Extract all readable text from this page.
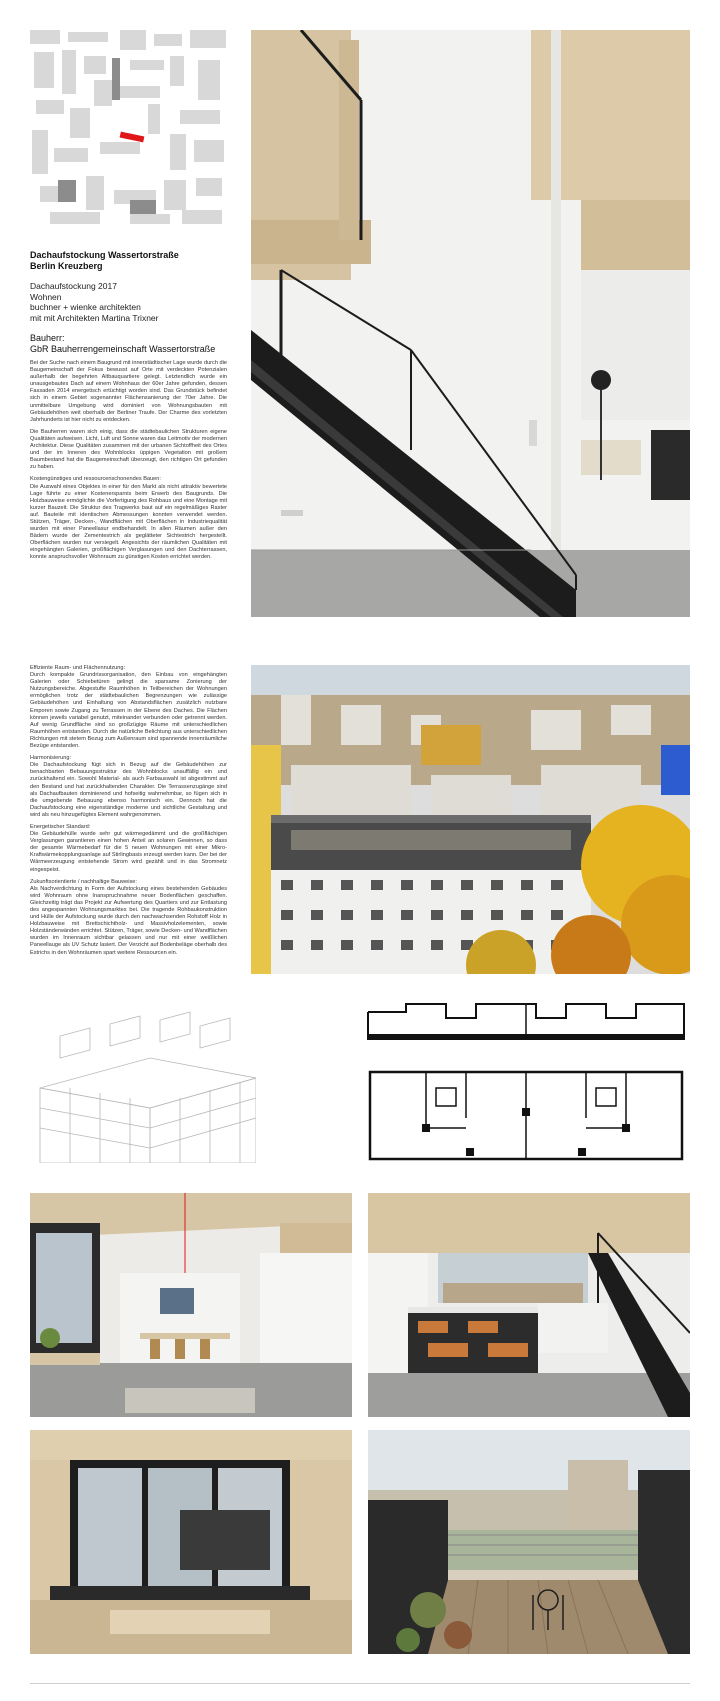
Dachaufstockung Wassertorstraße
Berlin Kreuzberg
Dachaufstockung 2017
Wohnen
buchner + wienke architekten
mit mit Architekten Martina Trixner
Bauherr:
GbR Bauherrengemeinschaft Wassertorstraße

Bei der Suche nach einem Baugrund mit innerstädtischer Lage wurde durch die Baugemeinschaft der Fokus bewusst auf Orte mit verdeckten Potenzialen außerhalb der begehrten Altbauquartiere gelegt. Letztendlich wurde ein unausgebautes Dach auf einem Wohnhaus der 60er Jahre gefunden, dessen Fassaden 2014 energetisch ertüchtigt worden sind. Das Grundstück befindet sich in einem Gebiet sogenannter Flächensanierung der 70er Jahre. Die unmittelbare Umgebung wird dominiert von Wohnungsbauten mit Gebäudehöhen weit oberhalb der Berliner Traufe. Der Charme des vorletzten Jahrhunderts ist hier nicht zu entdecken.

Die Bauherren waren sich einig, dass die städtebaulichen Strukturen eigene Qualitäten aufweisen. Licht, Luft und Sonne waren das Leitmotiv der modernen Architektur. Diese Qualitäten zusammen mit der urbanen Sichtoffheit des Ortes und der im Inneren des Wohnblocks üppigen Vegetation mit großem Baumbestand hat die Baugemeinschaft überzeugt, den richtigen Ort gefunden zu haben.

Kostengünstiges und ressourcenschonendes Bauen:
Die Auswahl eines Objektes in einer für den Markt als nicht attraktiv bewertete Lage führte zu einer Kostenersparnis beim Erwerb des Baugrunds. Die Holzbauweise ermöglichte die Vorfertigung des Rohbaus und eine Montage mit kurzer Bauzeit. Die Struktur des Tragwerks baut auf ein regelmäßiges Raster auf. Bauteile mit identischen Abmessungen konnten verwendet werden. Stützen, Träger, Decken-, Wandflächen mit Oberflächen in Industriequalität wurden mit einer Paneellasur endbehandelt. In allen Räumen außer den Bädern wurde der Zementestrich als geglätteter Sichtestrich hergestellt. Oberflächen wurden nur versiegelt. Angesichts der räumlichen Qualitäten mit eingehängten Galerien, großflächigen Verglasungen und den Dachterrassen, konnte anspruchsvoller Wohnraum zu günstigen Kosten errichtet werden.

Effiziente Raum- und Flächennutzung:
Durch kompakte Grundrissorganisation, den Einbau von eingehängten Galerien oder Schiebetüren gelingt die sparsame Zonierung der Nutzungsbereiche. Abgestufte Raumhöhen in Teilbereichen der Wohnungen ermöglichen trotz der städtebaulichen Begrenzungen wie zulässige Gebäudehöhen und Einhaltung von Abstandsflächen zusätzlich nutzbare Emporen sowie Zugang zu Terrassen in der Ebene des Daches. Die Flächen können jeweils variabel genutzt, miteinander verbunden oder getrennt werden. Auf wenig Grundfläche sind so großzügige Räume mit unterschiedlichen Raumhöhen entstanden. Durch die natürliche Belichtung aus unterschiedlichen Richtungen mit stetem Bezug zum Außenraum sind spannende innenräumliche Bezüge entstanden.

Harmonisierung:
Die Dachaufstockung fügt sich in Bezug auf die Gebäudehöhen zur benachbarten Bebauungsstruktur des Wohnblocks unauffällig ein und zurückhaltend ein. Sowohl Material- als auch Farbauswahl ist abgestimmt auf den Bestand und hat zurückhaltenden Charakter. Die Terrassenzugänge sind als Dachaufbauten dominierend und hofseitig wahrnehmbar, so fügen sich in die umgebende Bebauung ebenso harmonisch ein. Dennoch hat die Dachaufstockung eine eigenständige moderne und sichtliche Gestaltung und wird als neu hinzugefügtes Element wahrgenommen.

Energetischer Standard:
Die Gebäudehülle wurde sehr gut wärmegedämmt und die großflächigen Verglasungen garantieren einen hohen Anteil an solaren Gewinnen, so dass der gesamte Wärmebedarf für die 5 neuen Wohnungen mit einer Mikro-Kraftwärmekopplungsanlage auf Stirlingbasis erzeugt werden kann. Der bei der Wärmeerzeugung entstehende Strom wird gezählt und in das Stromnetz eingespeist.

Zukunftsorientierte / nachhaltige Bauweise:
Als Nachverdichtung in Form der Aufstockung eines bestehenden Gebäudes wird Wohnraum ohne Inanspruchnahme neuer Bodenflächen geschaffen. Gleichzeitig trägt das Projekt zur Aufwertung des Quartiers und zur Entlastung des angespannten Wohnungsmarktes bei. Die tragende Rohbaukonstruktion und Hülle der Aufstockung wurde durch den nachwachsenden Rohstoff Holz in Holzbauweise mit Brettschichtholz- und Massivholzelementen, sowie Holzständerwänden errichtet. Stützen, Träger, sowie Decken- und Wandflächen wurden im Innenraum sichtbar gelassen und nur mit einer weißlichen Paneellauge als UV Schutz lasiert. Der Verzicht auf Bodenbeläge oberhalb des Estrichs in den Wohnräumen spart weitere Ressourcen ein.
